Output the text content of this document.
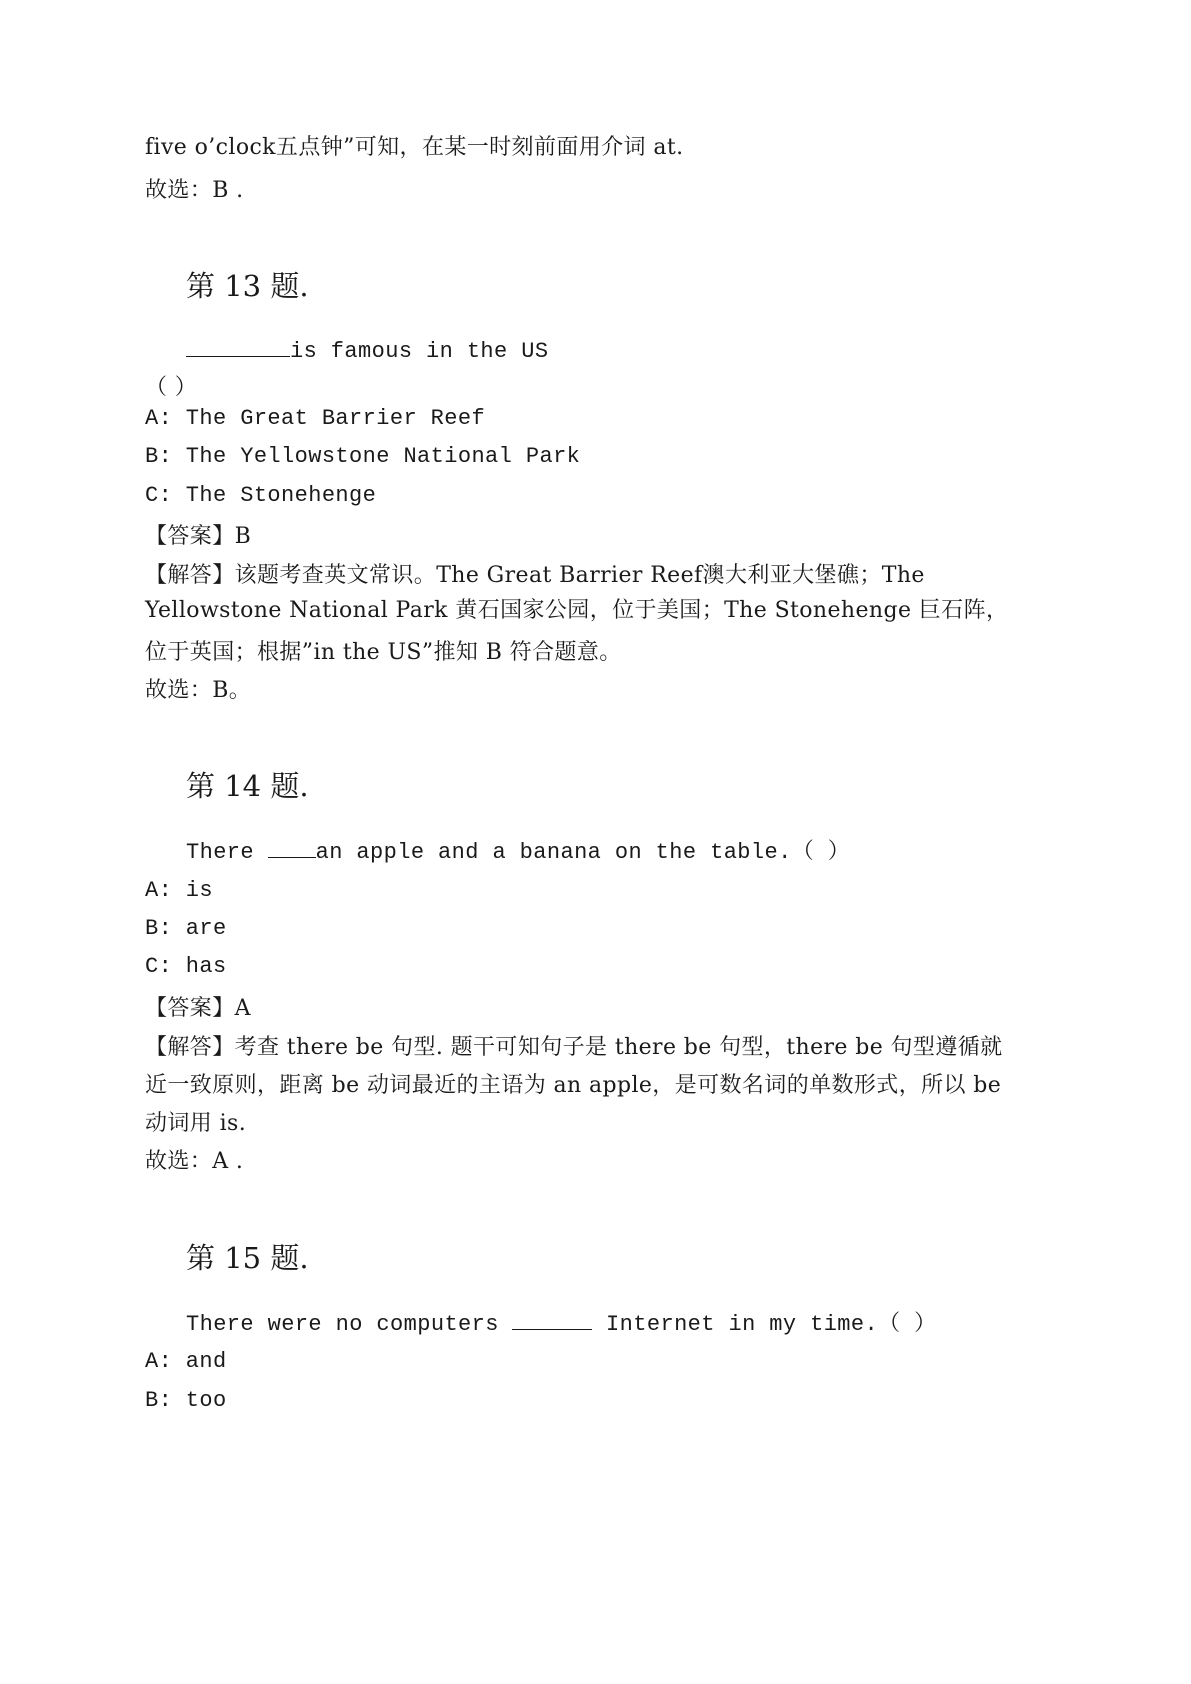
five o’clock五点钟”可知，在某一时刻前面用介词 at.
故选：B .
第 13 题.
is famous in the US
（ ）
A: The Great Barrier Reef
B: The Yellowstone National Park
C: The Stonehenge
【答案】B
【解答】该题考查英文常识。The Great Barrier Reef澳大利亚大堡礁；The
Yellowstone National Park 黄石国家公园，位于美国；The Stonehenge 巨石阵，
位于英国；根据”in the US”推知 B 符合题意。
故选：B。
第 14 题.
There an apple and a banana on the table.（ ）
A: is
B: are
C: has
【答案】A
【解答】考查 there be 句型. 题干可知句子是 there be 句型，there be 句型遵循就
近一致原则，距离 be 动词最近的主语为 an apple，是可数名词的单数形式，所以 be
动词用 is.
故选：A .
第 15 题.
There were no computers	Internet in my time.（ ）
A: and
B: too
